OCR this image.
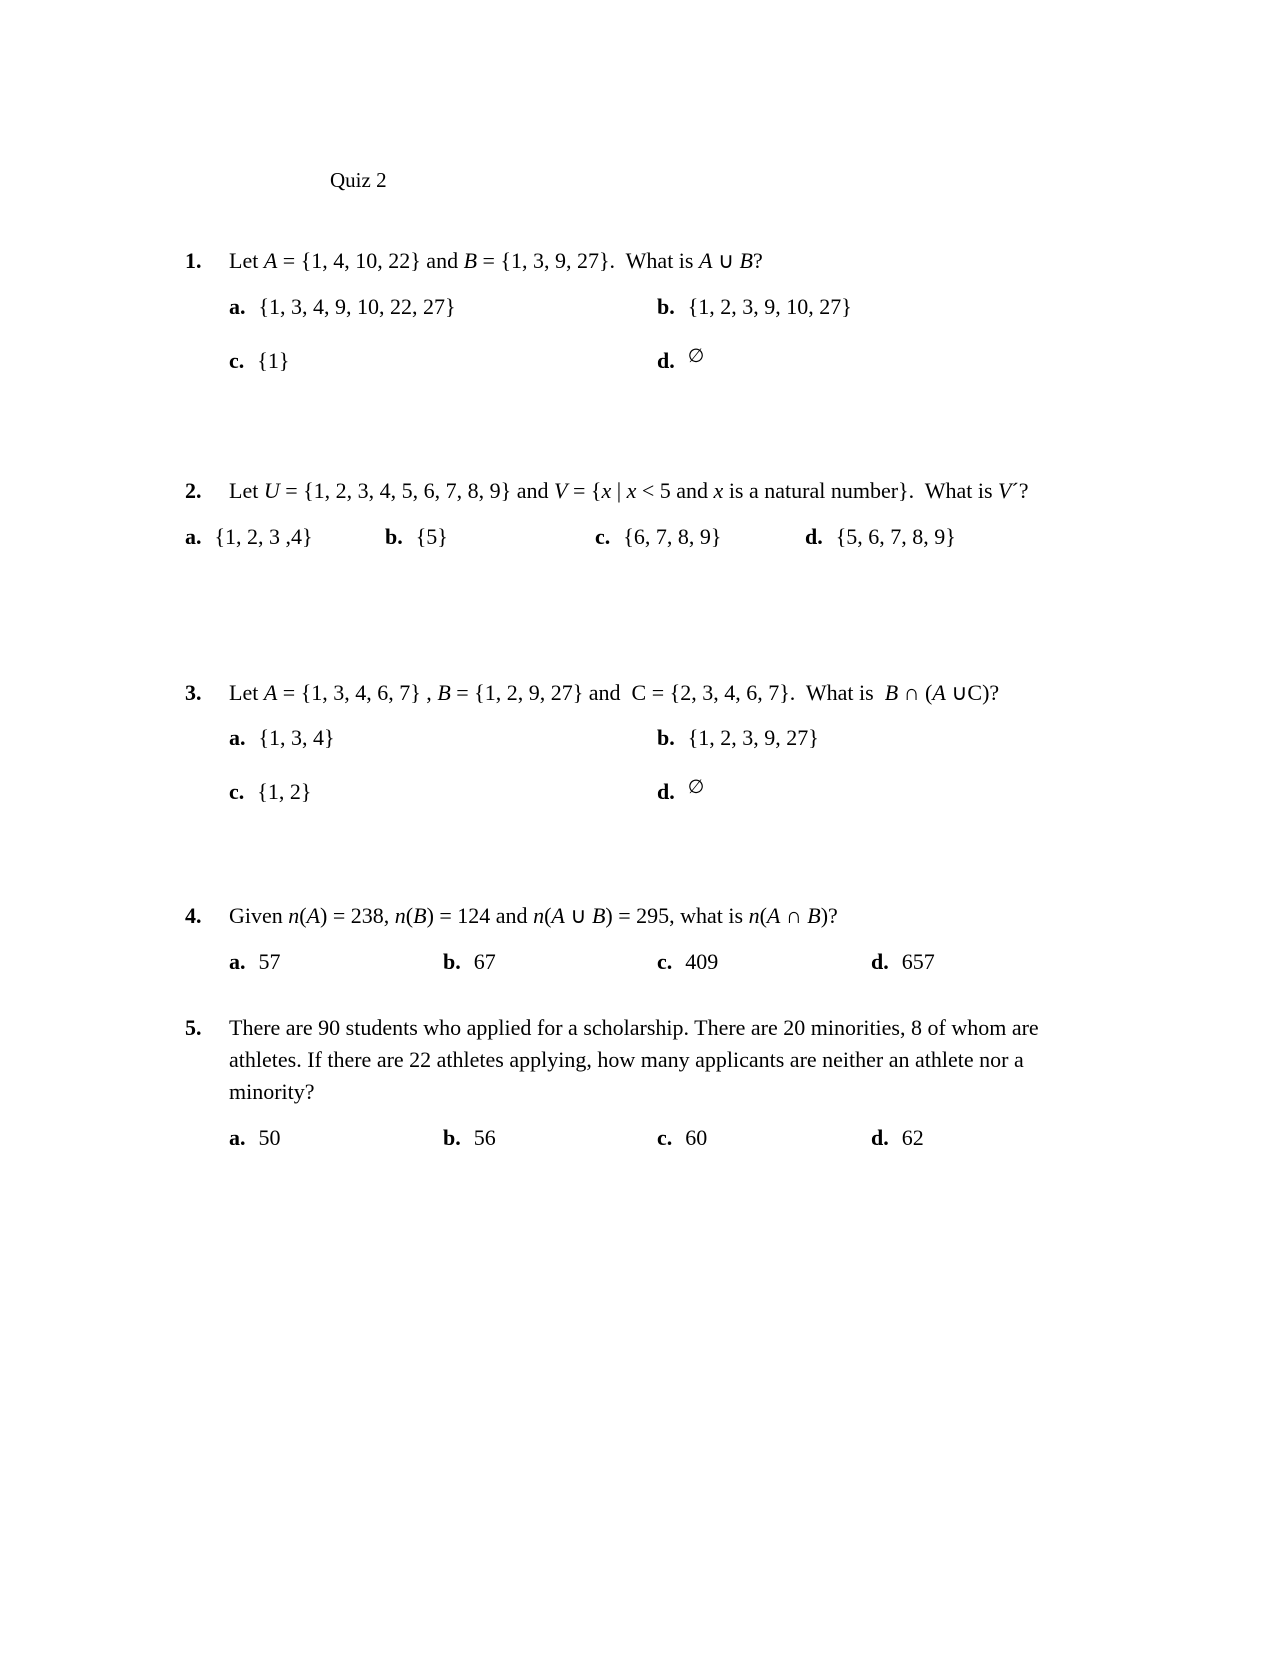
Quiz 2
1.	Let A = {1, 4, 10, 22} and B = {1, 3, 9, 27}.  What is A ∪ B?
a. {1, 3, 4, 9, 10, 22, 27}	b. {1, 2, 3, 9, 10, 27}
c. {1}	d. ∅
2.	Let U = {1, 2, 3, 4, 5, 6, 7, 8, 9} and V = {x | x < 5 and x is a natural number}.  What is V´?
a. {1, 2, 3 ,4}	b. {5}	c. {6, 7, 8, 9}	d. {5, 6, 7, 8, 9}
3.	Let A = {1, 3, 4, 6, 7} , B = {1, 2, 9, 27} and  C = {2, 3, 4, 6, 7}.  What is  B ∩ (A ∪C)?
a. {1, 3, 4}	b. {1, 2, 3, 9, 27}
c. {1, 2}	d. ∅
4.	Given n(A) = 238, n(B) = 124 and n(A ∪ B) = 295, what is n(A ∩ B)?
a. 57	b. 67	c. 409	d. 657
5.	There are 90 students who applied for a scholarship. There are 20 minorities, 8 of whom are athletes. If there are 22 athletes applying, how many applicants are neither an athlete nor a minority?
a. 50	b. 56	c. 60	d. 62
